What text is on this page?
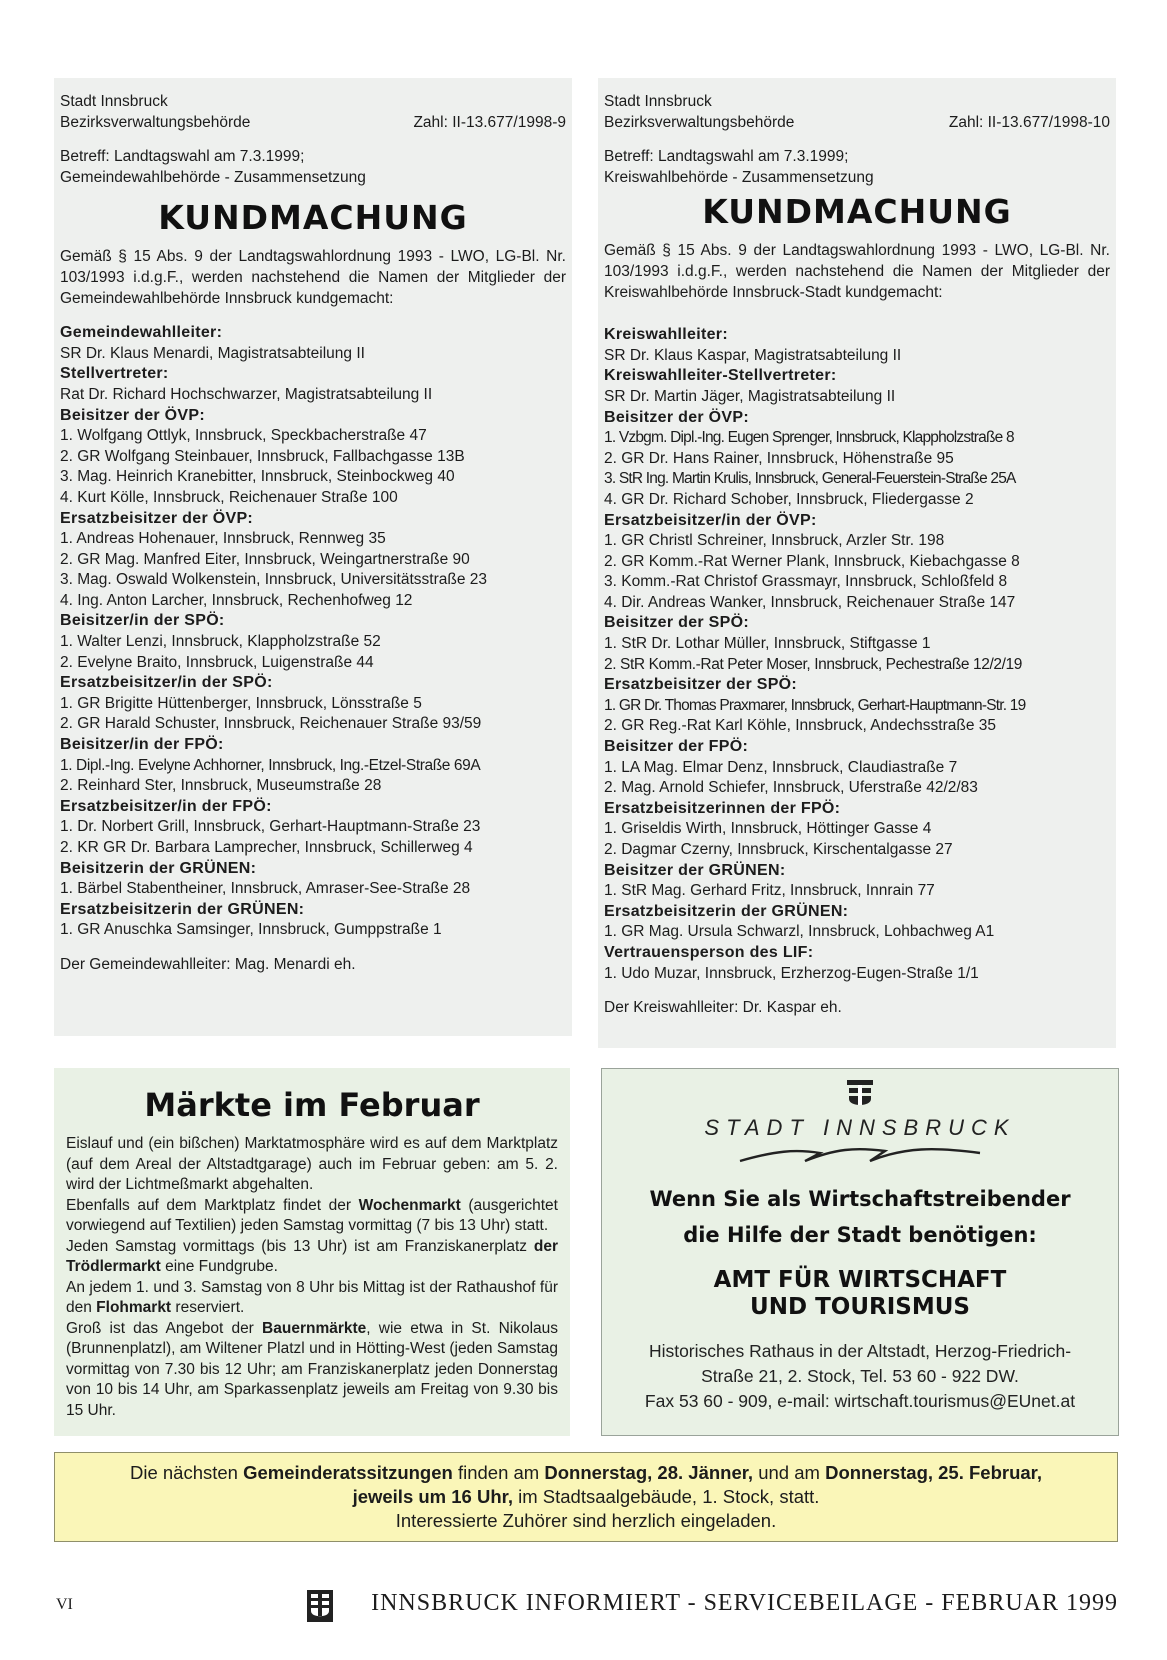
Stadt Innsbruck
Bezirksverwaltungsbehörde	Zahl: II-13.677/1998-9
Betreff: Landtagswahl am 7.3.1999;
Gemeindewahlbehörde - Zusammensetzung
KUNDMACHUNG
Gemäß § 15 Abs. 9 der Landtagswahlordnung 1993 - LWO, LG-Bl. Nr. 103/1993 i.d.g.F., werden nachstehend die Namen der Mitglieder der Gemeindewahlbehörde Innsbruck kundgemacht:
Gemeindewahlleiter:
SR Dr. Klaus Menardi, Magistratsabteilung II
Stellvertreter:
Rat Dr. Richard Hochschwarzer, Magistratsabteilung II
Beisitzer der ÖVP:
1. Wolfgang Ottlyk, Innsbruck, Speckbacherstraße 47
2. GR Wolfgang Steinbauer, Innsbruck, Fallbachgasse 13B
3. Mag. Heinrich Kranebitter, Innsbruck, Steinbockweg 40
4. Kurt Kölle, Innsbruck, Reichenauer Straße 100
Ersatzbeisitzer der ÖVP:
1. Andreas Hohenauer, Innsbruck, Rennweg 35
2. GR Mag. Manfred Eiter, Innsbruck, Weingartnerstraße 90
3. Mag. Oswald Wolkenstein, Innsbruck, Universitätsstraße 23
4. Ing. Anton Larcher, Innsbruck, Rechenhofweg 12
Beisitzer/in der SPÖ:
1. Walter Lenzi, Innsbruck, Klappholzstraße 52
2. Evelyne Braito, Innsbruck, Luigenstraße 44
Ersatzbeisitzer/in der SPÖ:
1. GR Brigitte Hüttenberger, Innsbruck, Lönsstraße 5
2. GR Harald Schuster, Innsbruck, Reichenauer Straße 93/59
Beisitzer/in der FPÖ:
1. Dipl.-Ing. Evelyne Achhorner, Innsbruck, Ing.-Etzel-Straße 69A
2. Reinhard Ster, Innsbruck, Museumstraße 28
Ersatzbeisitzer/in der FPÖ:
1. Dr. Norbert Grill, Innsbruck, Gerhart-Hauptmann-Straße 23
2. KR GR Dr. Barbara Lamprecher, Innsbruck, Schillerweg 4
Beisitzerin der GRÜNEN:
1. Bärbel Stabentheiner, Innsbruck, Amraser-See-Straße 28
Ersatzbeisitzerin der GRÜNEN:
1. GR Anuschka Samsinger, Innsbruck, Gumppstraße 1
Der Gemeindewahlleiter: Mag. Menardi eh.
Stadt Innsbruck
Bezirksverwaltungsbehörde	Zahl: II-13.677/1998-10
Betreff: Landtagswahl am 7.3.1999;
Kreiswahlbehörde - Zusammensetzung
KUNDMACHUNG
Gemäß § 15 Abs. 9 der Landtagswahlordnung 1993 - LWO, LG-Bl. Nr. 103/1993 i.d.g.F., werden nachstehend die Namen der Mitglieder der Kreiswahlbehörde Innsbruck-Stadt kundgemacht:
Kreiswahlleiter:
SR Dr. Klaus Kaspar, Magistratsabteilung II
Kreiswahlleiter-Stellvertreter:
SR Dr. Martin Jäger, Magistratsabteilung II
Beisitzer der ÖVP:
1. Vzbgm. Dipl.-Ing. Eugen Sprenger, Innsbruck, Klappholzstraße 8
2. GR Dr. Hans Rainer, Innsbruck, Höhenstraße 95
3. StR Ing. Martin Krulis, Innsbruck, General-Feuerstein-Straße 25A
4. GR Dr. Richard Schober, Innsbruck, Fliedergasse 2
Ersatzbeisitzer/in der ÖVP:
1. GR Christl Schreiner, Innsbruck, Arzler Str. 198
2. GR Komm.-Rat Werner Plank, Innsbruck, Kiebachgasse 8
3. Komm.-Rat Christof Grassmayr, Innsbruck, Schloßfeld 8
4. Dir. Andreas Wanker, Innsbruck, Reichenauer Straße 147
Beisitzer der SPÖ:
1. StR Dr. Lothar Müller, Innsbruck, Stiftgasse 1
2. StR Komm.-Rat Peter Moser, Innsbruck, Pechestraße 12/2/19
Ersatzbeisitzer der SPÖ:
1. GR Dr. Thomas Praxmarer, Innsbruck, Gerhart-Hauptmann-Str. 19
2. GR Reg.-Rat Karl Köhle, Innsbruck, Andechsstraße 35
Beisitzer der FPÖ:
1. LA Mag. Elmar Denz, Innsbruck, Claudiastraße 7
2. Mag. Arnold Schiefer, Innsbruck, Uferstraße 42/2/83
Ersatzbeisitzerinnen der FPÖ:
1. Griseldis Wirth, Innsbruck, Höttinger Gasse 4
2. Dagmar Czerny, Innsbruck, Kirschentalgasse 27
Beisitzer der GRÜNEN:
1. StR Mag. Gerhard Fritz, Innsbruck, Innrain 77
Ersatzbeisitzerin der GRÜNEN:
1. GR Mag. Ursula Schwarzl, Innsbruck, Lohbachweg A1
Vertrauensperson des LIF:
1. Udo Muzar, Innsbruck, Erzherzog-Eugen-Straße 1/1
Der Kreiswahlleiter: Dr. Kaspar eh.
Märkte im Februar
Eislauf und (ein bißchen) Marktatmosphäre wird es auf dem Marktplatz (auf dem Areal der Altstadtgarage) auch im Februar geben: am 5. 2. wird der Lichtmeßmarkt abgehalten.
Ebenfalls auf dem Marktplatz findet der Wochenmarkt (ausgerichtet vorwiegend auf Textilien) jeden Samstag vormittag (7 bis 13 Uhr) statt.
Jeden Samstag vormittags (bis 13 Uhr) ist am Franziskanerplatz der Trödlermarkt eine Fundgrube.
An jedem 1. und 3. Samstag von 8 Uhr bis Mittag ist der Rathaushof für den Flohmarkt reserviert.
Groß ist das Angebot der Bauernmärkte, wie etwa in St. Nikolaus (Brunnenplatzl), am Wiltener Platzl und in Hötting-West (jeden Samstag vormittag von 7.30 bis 12 Uhr; am Franziskanerplatz jeden Donnerstag von 10 bis 14 Uhr, am Sparkassenplatz jeweils am Freitag von 9.30 bis 15 Uhr.
STADT INNSBRUCK
Wenn Sie als Wirtschaftstreibender
die Hilfe der Stadt benötigen:
AMT FÜR WIRTSCHAFT
UND TOURISMUS
Historisches Rathaus in der Altstadt, Herzog-Friedrich-
Straße 21, 2. Stock, Tel. 53 60 - 922 DW.
Fax 53 60 - 909, e-mail: wirtschaft.tourismus@EUnet.at
Die nächsten Gemeinderatssitzungen finden am Donnerstag, 28. Jänner, und am Donnerstag, 25. Februar,
jeweils um 16 Uhr, im Stadtsaalgebäude, 1. Stock, statt.
Interessierte Zuhörer sind herzlich eingeladen.
VI	INNSBRUCK INFORMIERT - SERVICEBEILAGE - FEBRUAR 1999
